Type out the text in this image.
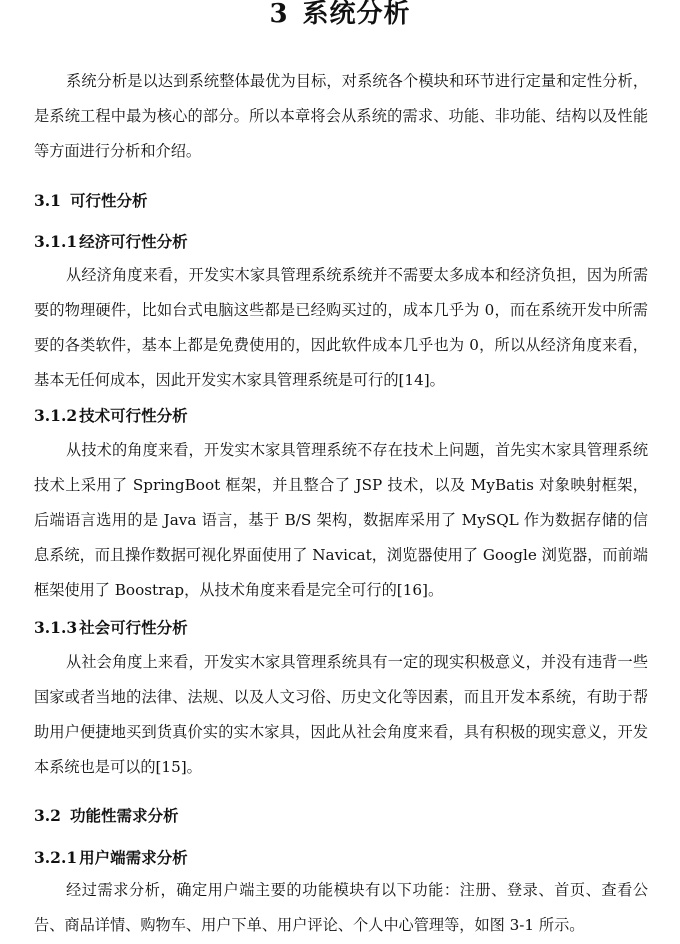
3 系统分析

系统分析是以达到系统整体最优为目标，对系统各个模块和环节进行定量和定性分析，是系统工程中最为核心的部分。所以本章将会从系统的需求、功能、非功能、结构以及性能等方面进行分析和介绍。

3.1 可行性分析
3.1.1 经济可行性分析

从经济角度来看，开发实木家具管理系统系统并不需要太多成本和经济负担，因为所需要的物理硬件，比如台式电脑这些都是已经购买过的，成本几乎为 0，而在系统开发中所需要的各类软件，基本上都是免费使用的，因此软件成本几乎也为 0，所以从经济角度来看，基本无任何成本，因此开发实木家具管理系统是可行的[14]。

3.1.2 技术可行性分析

从技术的角度来看，开发实木家具管理系统不存在技术上问题，首先实木家具管理系统技术上采用了 SpringBoot 框架，并且整合了 JSP 技术，以及 MyBatis 对象映射框架，后端语言选用的是 Java 语言，基于 B/S 架构，数据库采用了 MySQL 作为数据存储的信息系统，而且操作数据可视化界面使用了 Navicat，浏览器使用了 Google 浏览器，而前端框架使用了 Boostrap，从技术角度来看是完全可行的[16]。

3.1.3 社会可行性分析

从社会角度上来看，开发实木家具管理系统具有一定的现实积极意义，并没有违背一些国家或者当地的法律、法规、以及人文习俗、历史文化等因素，而且开发本系统，有助于帮助用户便捷地买到货真价实的实木家具，因此从社会角度来看，具有积极的现实意义，开发本系统也是可以的[15]。

3.2 功能性需求分析
3.2.1 用户端需求分析

经过需求分析，确定用户端主要的功能模块有以下功能：注册、登录、首页、查看公告、商品详情、购物车、用户下单、用户评论、个人中心管理等，如图 3-1 所示。
